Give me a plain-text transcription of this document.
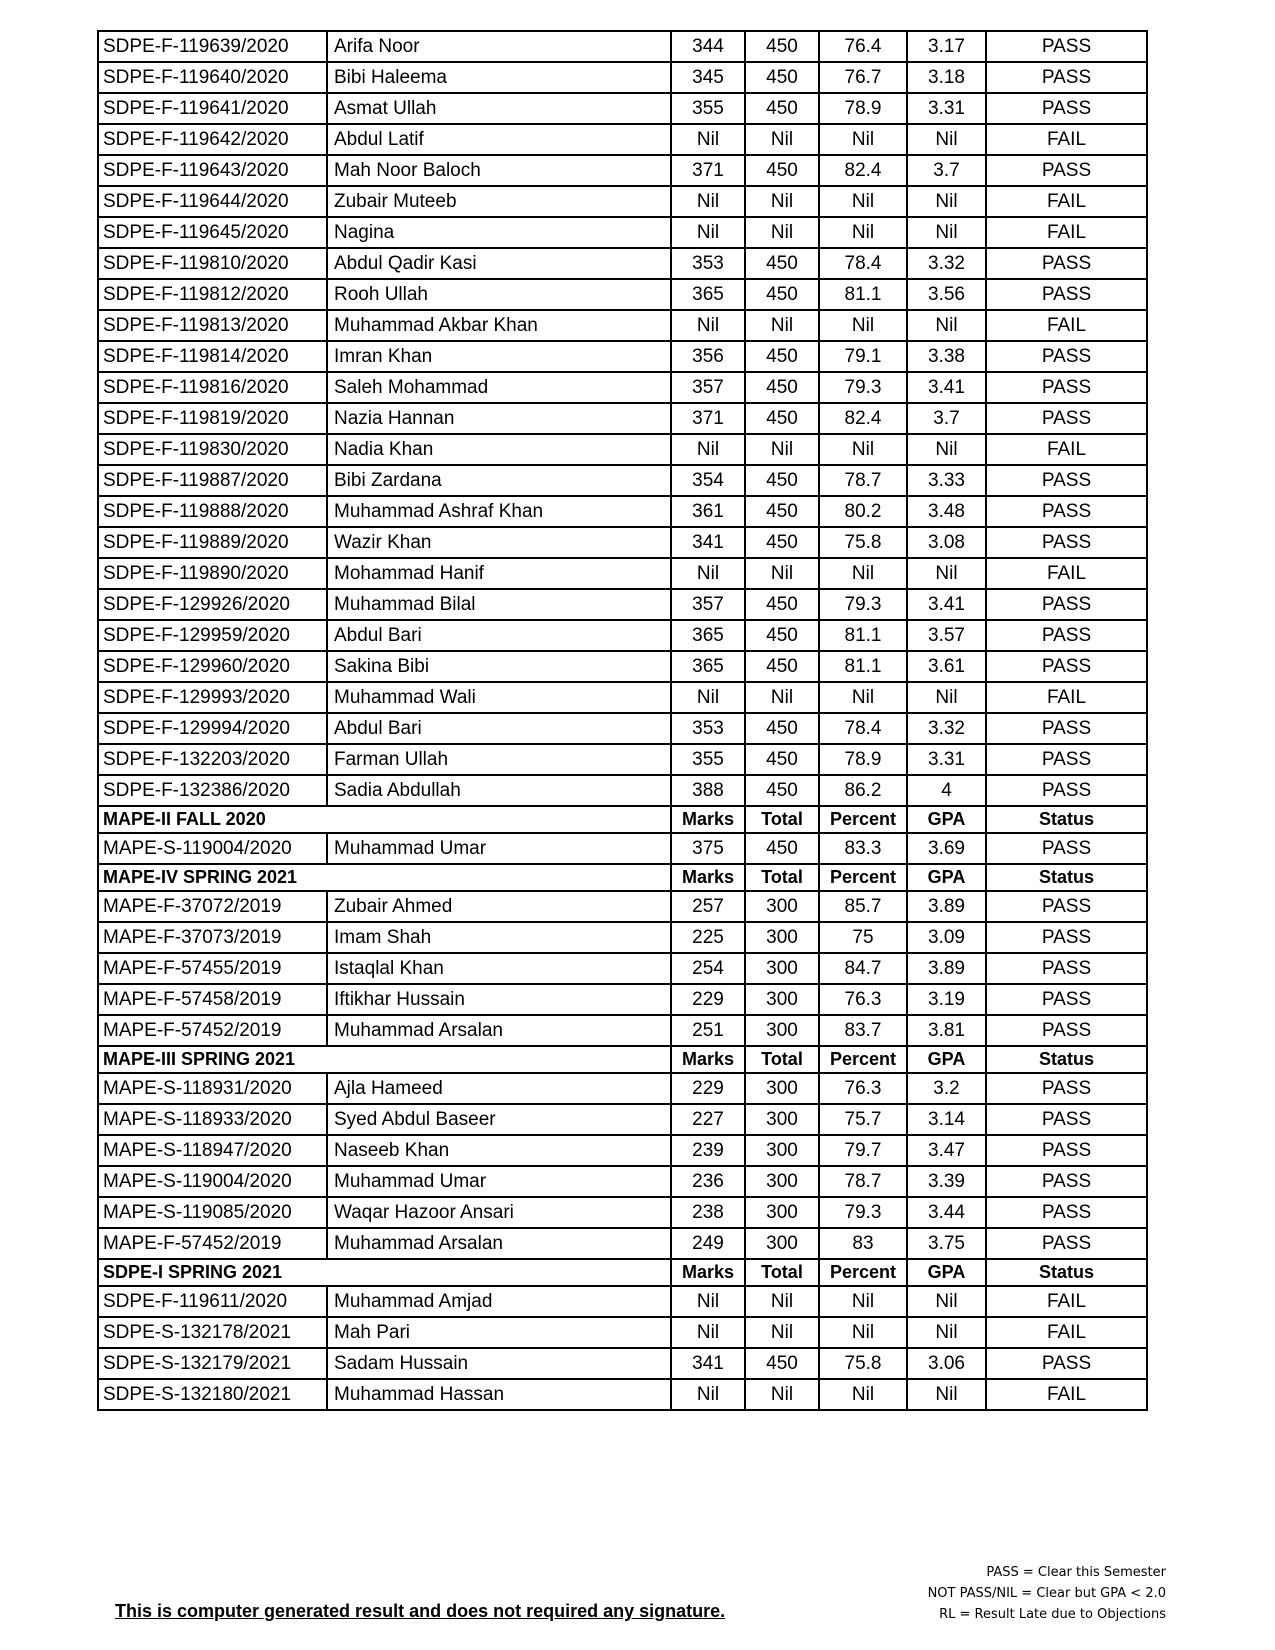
SDPE-F-119639/2020	Arifa Noor	344	450	76.4	3.17	PASS
SDPE-F-119640/2020	Bibi Haleema	345	450	76.7	3.18	PASS
SDPE-F-119641/2020	Asmat Ullah	355	450	78.9	3.31	PASS
SDPE-F-119642/2020	Abdul Latif	Nil	Nil	Nil	Nil	FAIL
SDPE-F-119643/2020	Mah Noor Baloch	371	450	82.4	3.7	PASS
SDPE-F-119644/2020	Zubair Muteeb	Nil	Nil	Nil	Nil	FAIL
SDPE-F-119645/2020	Nagina	Nil	Nil	Nil	Nil	FAIL
SDPE-F-119810/2020	Abdul Qadir Kasi	353	450	78.4	3.32	PASS
SDPE-F-119812/2020	Rooh Ullah	365	450	81.1	3.56	PASS
SDPE-F-119813/2020	Muhammad Akbar Khan	Nil	Nil	Nil	Nil	FAIL
SDPE-F-119814/2020	Imran Khan	356	450	79.1	3.38	PASS
SDPE-F-119816/2020	Saleh Mohammad	357	450	79.3	3.41	PASS
SDPE-F-119819/2020	Nazia Hannan	371	450	82.4	3.7	PASS
SDPE-F-119830/2020	Nadia Khan	Nil	Nil	Nil	Nil	FAIL
SDPE-F-119887/2020	Bibi Zardana	354	450	78.7	3.33	PASS
SDPE-F-119888/2020	Muhammad Ashraf Khan	361	450	80.2	3.48	PASS
SDPE-F-119889/2020	Wazir Khan	341	450	75.8	3.08	PASS
SDPE-F-119890/2020	Mohammad Hanif	Nil	Nil	Nil	Nil	FAIL
SDPE-F-129926/2020	Muhammad Bilal	357	450	79.3	3.41	PASS
SDPE-F-129959/2020	Abdul Bari	365	450	81.1	3.57	PASS
SDPE-F-129960/2020	Sakina Bibi	365	450	81.1	3.61	PASS
SDPE-F-129993/2020	Muhammad Wali	Nil	Nil	Nil	Nil	FAIL
SDPE-F-129994/2020	Abdul Bari	353	450	78.4	3.32	PASS
SDPE-F-132203/2020	Farman Ullah	355	450	78.9	3.31	PASS
SDPE-F-132386/2020	Sadia Abdullah	388	450	86.2	4	PASS
MAPE-II FALL 2020		Marks	Total	Percent	GPA	Status
MAPE-S-119004/2020	Muhammad Umar	375	450	83.3	3.69	PASS
MAPE-IV SPRING 2021		Marks	Total	Percent	GPA	Status
MAPE-F-37072/2019	Zubair Ahmed	257	300	85.7	3.89	PASS
MAPE-F-37073/2019	Imam Shah	225	300	75	3.09	PASS
MAPE-F-57455/2019	Istaqlal Khan	254	300	84.7	3.89	PASS
MAPE-F-57458/2019	Iftikhar Hussain	229	300	76.3	3.19	PASS
MAPE-F-57452/2019	Muhammad Arsalan	251	300	83.7	3.81	PASS
MAPE-III SPRING 2021		Marks	Total	Percent	GPA	Status
MAPE-S-118931/2020	Ajla Hameed	229	300	76.3	3.2	PASS
MAPE-S-118933/2020	Syed Abdul Baseer	227	300	75.7	3.14	PASS
MAPE-S-118947/2020	Naseeb Khan	239	300	79.7	3.47	PASS
MAPE-S-119004/2020	Muhammad Umar	236	300	78.7	3.39	PASS
MAPE-S-119085/2020	Waqar Hazoor Ansari	238	300	79.3	3.44	PASS
MAPE-F-57452/2019	Muhammad Arsalan	249	300	83	3.75	PASS
SDPE-I SPRING 2021		Marks	Total	Percent	GPA	Status
SDPE-F-119611/2020	Muhammad Amjad	Nil	Nil	Nil	Nil	FAIL
SDPE-S-132178/2021	Mah Pari	Nil	Nil	Nil	Nil	FAIL
SDPE-S-132179/2021	Sadam Hussain	341	450	75.8	3.06	PASS
SDPE-S-132180/2021	Muhammad Hassan	Nil	Nil	Nil	Nil	FAIL
PASS = Clear this Semester
NOT PASS/NIL = Clear but GPA < 2.0
RL = Result Late due to Objections
This is computer generated result and does not required any signature.
